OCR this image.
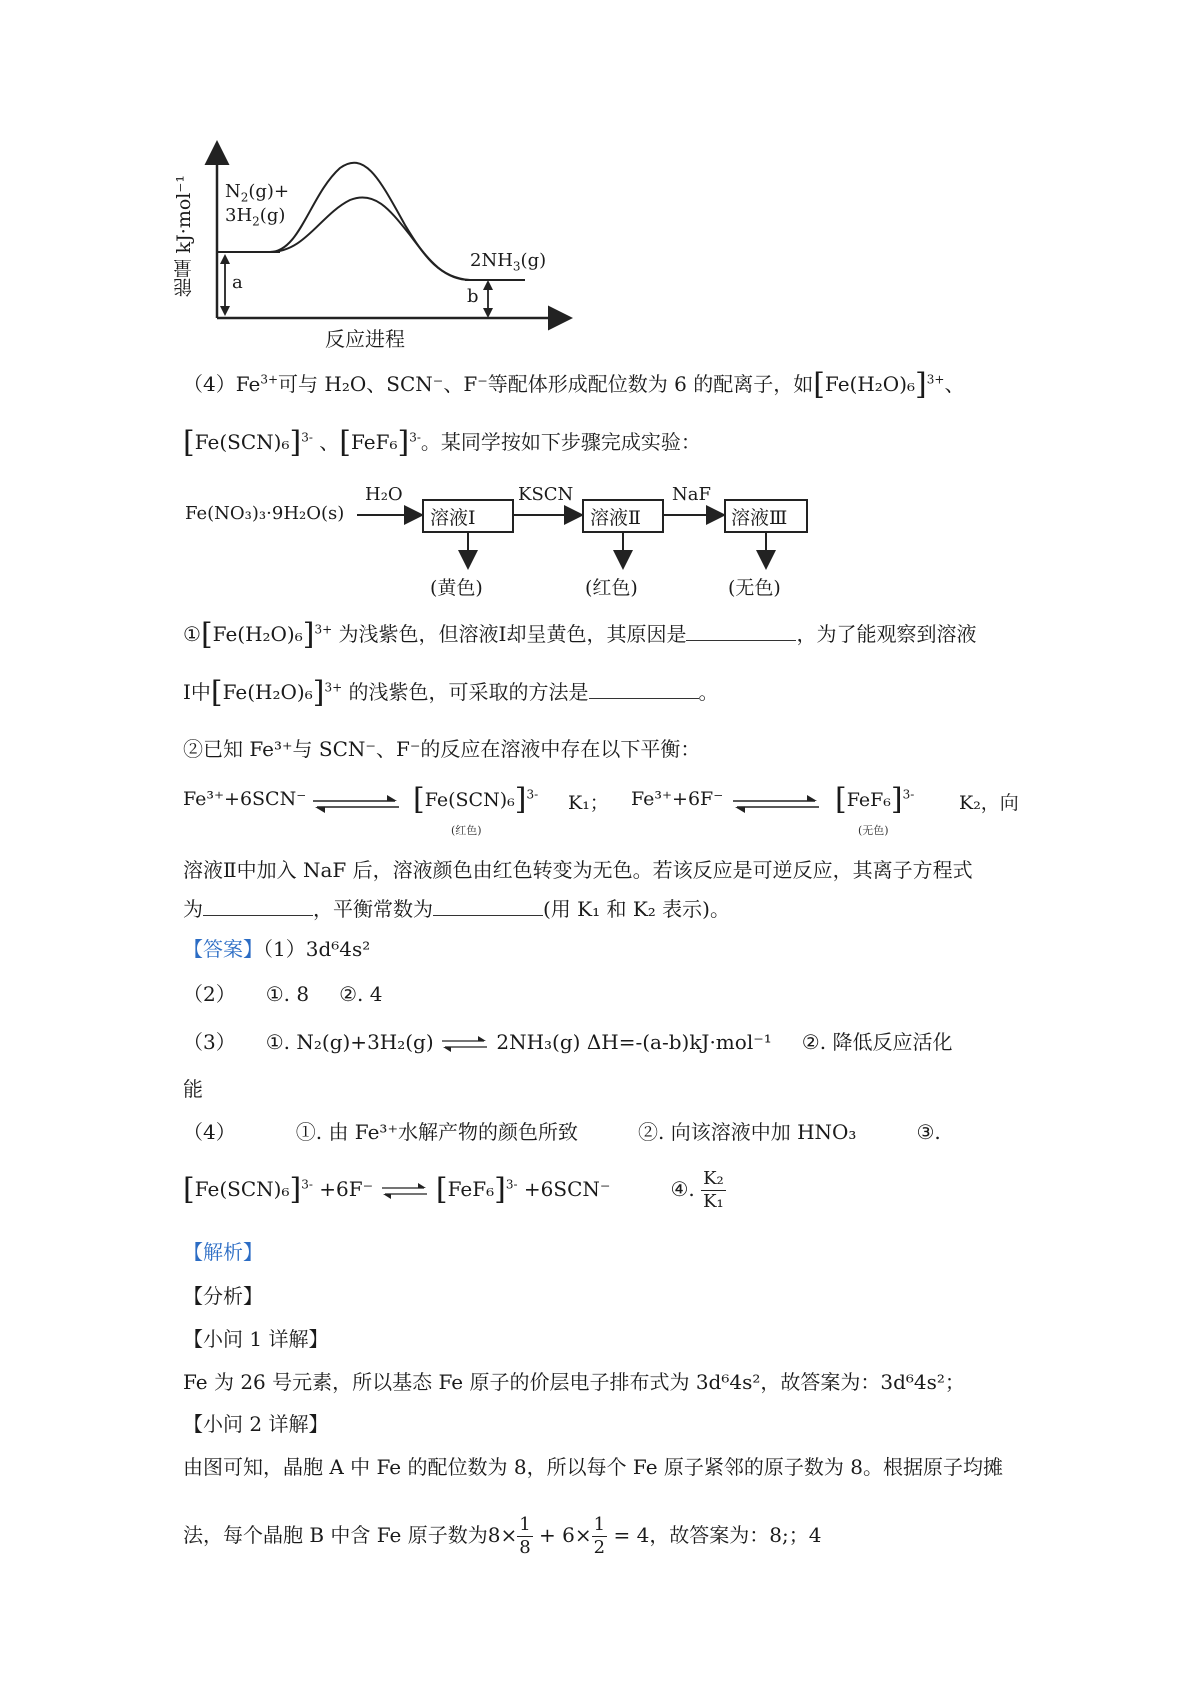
能量 kJ·mol⁻¹ $N_2(g)+$
$3H_2(g)$
$2NH_3(g)$
a
b
反应进程
$(4)Fe^{3+}$可与 H₂O、SCN⁻、F⁻等配体形成配位数为 6 的配离子，如$[Fe(H_2O)_6]^{3+}$、
$[Fe(SCN)_6]^{3-}$ 、$[FeF_6]^{3-}$。某同学按如下步骤完成实验：
Fe(NO₃)₃·9H₂O(s)
H₂O
溶液Ⅰ
KSCN
溶液Ⅱ
NaF
溶液Ⅲ
(黄色)	(红色)	(无色)
$①[Fe(H_2O)_6]^{3+}$ 为浅紫色，但溶液Ⅰ却呈黄色，其原因是	，为了能观察到溶液
Ⅰ中$[Fe(H_2O)_6]^{3+}$ 的浅紫色，可采取的方法是	。
②已知 Fe³⁺与 SCN⁻、F⁻的反应在溶液中存在以下平衡：
Fe³⁺+6SCN⁻	$[Fe(SCN)_6]^{3-}$
(红色)
K₁； Fe³⁺+6F⁻	$[FeF_6]^{3-}$
(无色)
K₂，向
溶液Ⅱ中加入 NaF 后，溶液颜色由红色转变为无色。若该反应是可逆反应，其离子方程式
为	，平衡常数为	(用 K₁ 和 K₂ 表示)。
【答案】（1）3d⁶4s²
（2） ①. 8 ②. 4
（3） ①. N₂(g)+3H₂(g)	2NH₃(g) ΔH=-(a-b)kJ·mol⁻¹ ②. 降低反应活化
能
（4）	①. 由 Fe³⁺水解产物的颜色所致	②. 向该溶液中加 HNO₃	③.
$[Fe(SCN)_6]^{3-} +6F^-$ $[FeF_6]^{3-} +6SCN^-$	④. $\frac{\text{K₂}}{\text{K₁}}$
【解析】
【分析】
【小问 1 详解】
Fe 为 26 号元素，所以基态 Fe 原子的价层电子排布式为 3d⁶4s²，故答案为：3d⁶4s²；
【小问 2 详解】
由图可知，晶胞 A 中 Fe 的配位数为 8，所以每个 Fe 原子紧邻的原子数为 8。根据原子均摊
法，每个晶胞 B 中含 Fe 原子数为$8\times \frac{1}{8} + 6\times \frac{1}{2} = 4$，故答案为：8;；4
